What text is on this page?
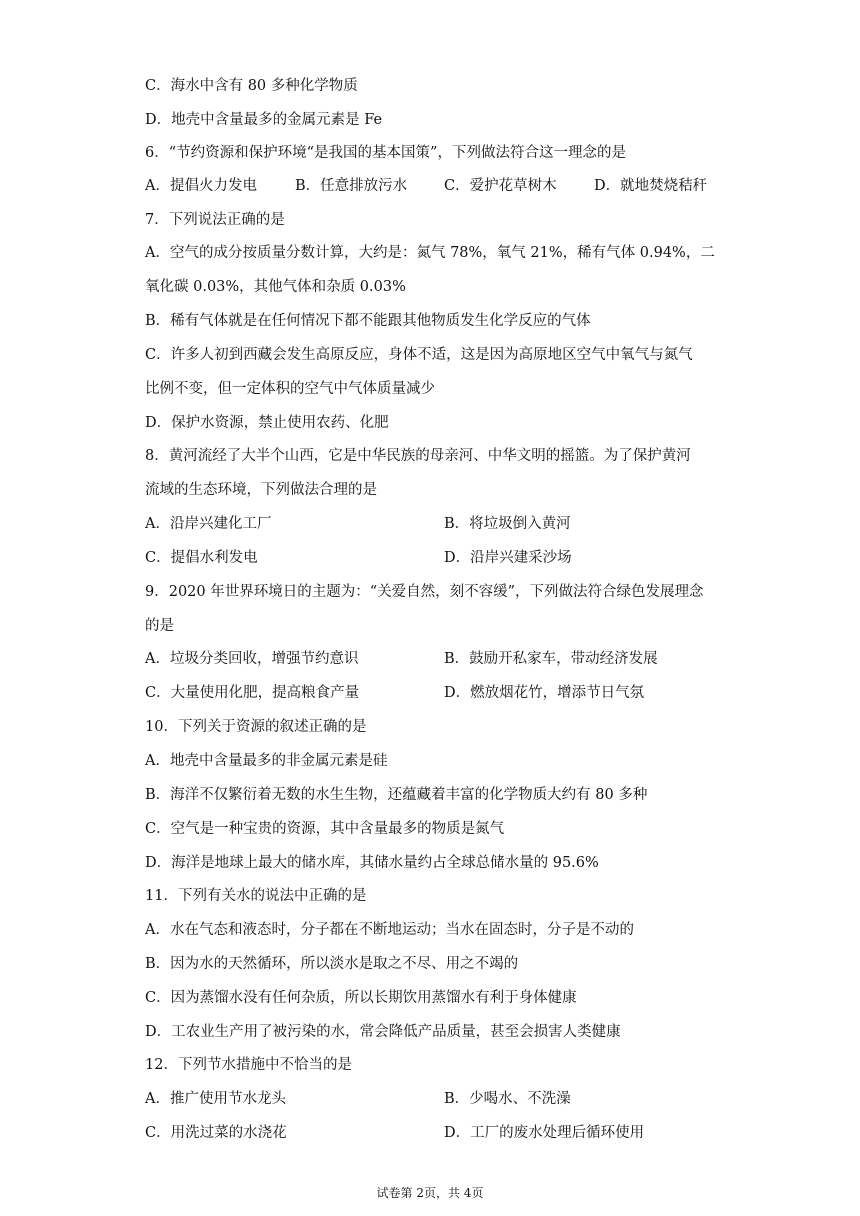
C．海水中含有 80 多种化学物质
D．地壳中含量最多的金属元素是 Fe
6．“节约资源和保护环境“是我国的基本国策”，下列做法符合这一理念的是
A．提倡火力发电	B．任意排放污水	C．爱护花草树木	D．就地焚烧秸秆
7．下列说法正确的是
A．空气的成分按质量分数计算，大约是：氮气 78%，氧气 21%，稀有气体 0.94%，二
氧化碳 0.03%，其他气体和杂质 0.03%
B．稀有气体就是在任何情况下都不能跟其他物质发生化学反应的气体
C．许多人初到西藏会发生高原反应，身体不适，这是因为高原地区空气中氧气与氮气
比例不变，但一定体积的空气中气体质量减少
D．保护水资源，禁止使用农药、化肥
8．黄河流经了大半个山西，它是中华民族的母亲河、中华文明的摇篮。为了保护黄河
流域的生态环境，下列做法合理的是
A．沿岸兴建化工厂	B．将垃圾倒入黄河
C．提倡水利发电	D．沿岸兴建采沙场
9．2020 年世界环境日的主题为：“关爱自然，刻不容缓”，下列做法符合绿色发展理念
的是
A．垃圾分类回收，增强节约意识	B．鼓励开私家车，带动经济发展
C．大量使用化肥，提高粮食产量	D．燃放烟花竹，增添节日气氛
10．下列关于资源的叙述正确的是
A．地壳中含量最多的非金属元素是硅
B．海洋不仅繁衍着无数的水生生物，还蕴藏着丰富的化学物质大约有 80 多种
C．空气是一种宝贵的资源，其中含量最多的物质是氮气
D．海洋是地球上最大的储水库，其储水量约占全球总储水量的 95.6%
11．下列有关水的说法中正确的是
A．水在气态和液态时，分子都在不断地运动；当水在固态时，分子是不动的
B．因为水的天然循环，所以淡水是取之不尽、用之不竭的
C．因为蒸馏水没有任何杂质，所以长期饮用蒸馏水有利于身体健康
D．工农业生产用了被污染的水，常会降低产品质量，甚至会损害人类健康
12．下列节水措施中不恰当的是
A．推广使用节水龙头	B．少喝水、不洗澡
C．用洗过菜的水浇花	D．工厂的废水处理后循环使用
试卷第 2页，共 4页
